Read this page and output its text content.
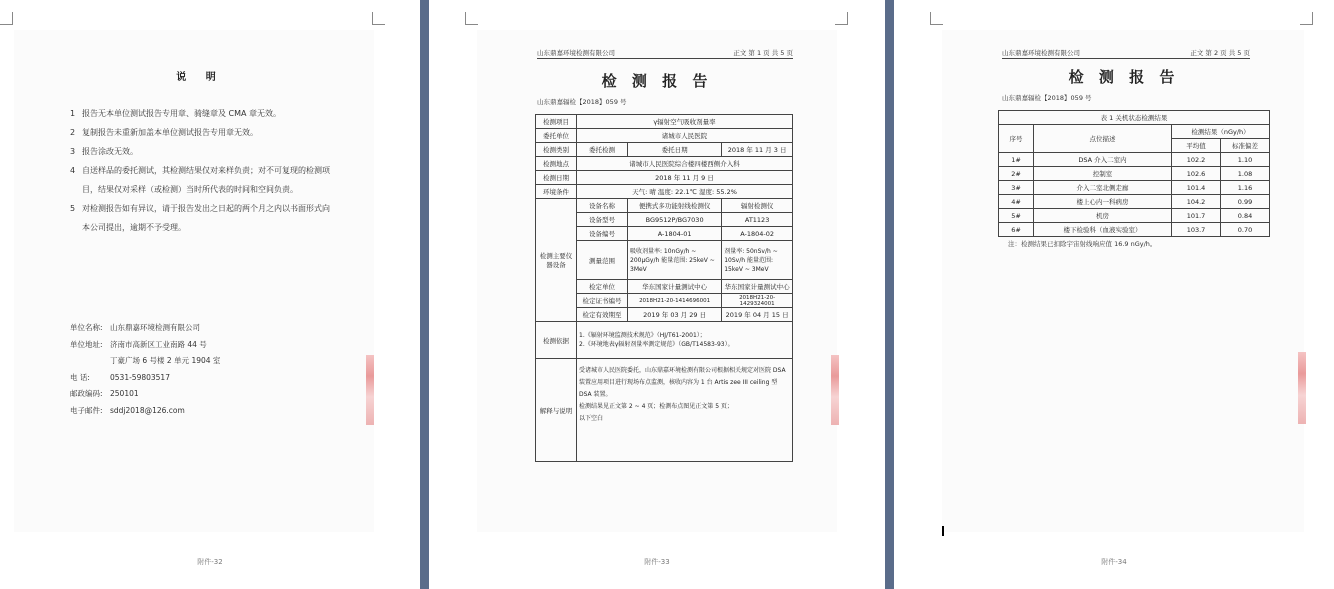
说 明
1 报告无本单位测试报告专用章、骑缝章及 CMA 章无效。

2 复制报告未重新加盖本单位测试报告专用章无效。

3 报告涂改无效。

4 自送样品的委托测试，其检测结果仅对来样负责；对不可复现的检测项目，结果仅对采样（或检测）当时所代表的时间和空间负责。

5 对检测报告如有异议，请于报告发出之日起的两个月之内以书面形式向本公司提出，逾期不予受理。

单位名称: 山东鼎嘉环境检测有限公司
单位地址: 济南市高新区工业南路 44 号
丁豪广场 6 号楼 2 单元 1904 室
电 话:	0531-59803517
邮政编码: 250101
电子邮件: sddj2018@126.com
附件-32
山东鼎嘉环境检测有限公司	正文 第 1 页 共 5 页
检 测 报 告
山东鼎嘉辐检【2018】059 号
检测项目	γ辐射空气吸收剂量率		
委托单位	诸城市人民医院		
检测类别	委托检测	委托日期	2018 年 11 月 3 日
检测地点	诸城市人民医院综合楼四楼西侧介入科		
检测日期	2018 年 11 月 9 日		
环境条件	天气: 晴 温度: 22.1℃ 湿度: 55.2%		
检测主要仪器设备	设备名称	便携式多功能射线检测仪	辐射检测仪
	设备型号	BG9512P/BG7030	AT1123
	设备编号	A-1804-01	A-1804-02
	测量范围	吸收剂量率: 10nGy/h ~ 200μGy/h 能量范围: 25keV ~ 3MeV	剂量率: 50nSv/h ~ 10Sv/h 能量范围: 15keV ~ 3MeV
	检定单位	华东国家计量测试中心	华东国家计量测试中心
	检定证书编号	2018H21-20-1414696001	2018H21-20-1429324001
	检定有效期至	2019 年 03 月 29 日	2019 年 04 月 15 日
检测依据	1.《辐射环境监测技术规范》（HJ/T61-2001）；
2.《环境地表γ辐射剂量率测定规范》（GB/T14583-93）。		

解释与说明	受诸城市人民医院委托，山东鼎嘉环境检测有限公司根据相关规定对医院 DSA 装置应用项目进行现场布点监测，核收内容为 1 台 Artis zee III ceiling 型 DSA 装置。
检测结果见正文第 2 ~ 4 页；检测布点图见正文第 5 页；
以下空白		
附件-33
山东鼎嘉环境检测有限公司	正文 第 2 页 共 5 页
检 测 报 告
山东鼎嘉辐检【2018】059 号
表 1 关机状态检测结果			
序号	点位描述	检测结果（nGy/h）	
		平均值	标准偏差
1#	DSA 介入二室内	102.2	1.10
2#	控制室	102.6	1.08
3#	介入二室北侧走廊	101.4	1.16
4#	楼上心内一科病房	104.2	0.99
5#	机房	101.7	0.84
6#	楼下检验科（血液实验室）	103.7	0.70
注：检测结果已扣除宇宙射线响应值 16.9 nGy/h。
附件-34
